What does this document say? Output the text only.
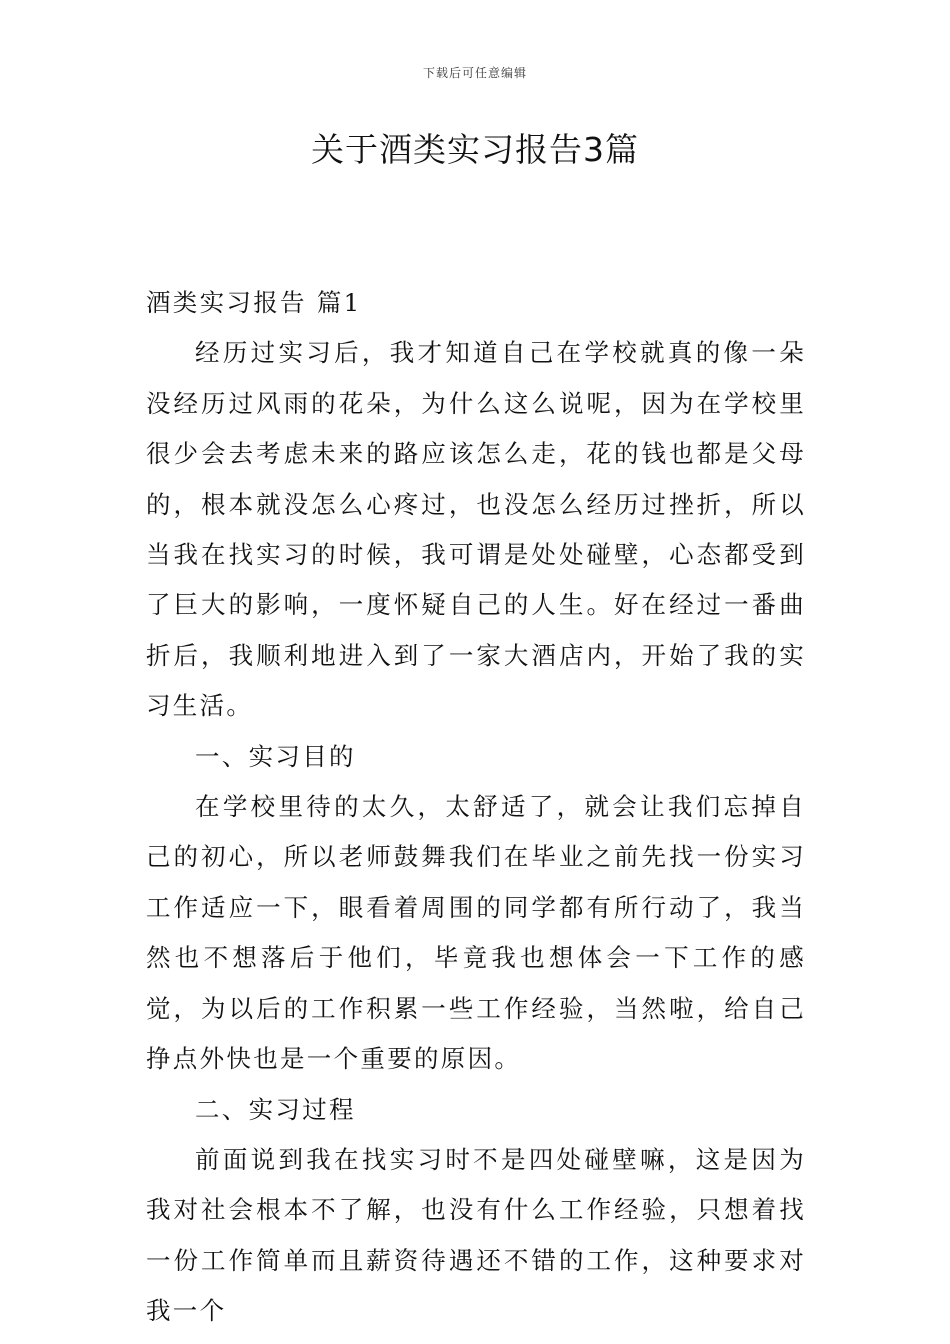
下载后可任意编辑
关于酒类实习报告3篇

酒类实习报告 篇1

经历过实习后，我才知道自己在学校就真的像一朵没经历过风雨的花朵，为什么这么说呢，因为在学校里很少会去考虑未来的路应该怎么走，花的钱也都是父母的，根本就没怎么心疼过，也没怎么经历过挫折，所以当我在找实习的时候，我可谓是处处碰壁，心态都受到了巨大的影响，一度怀疑自己的人生。好在经过一番曲折后，我顺利地进入到了一家大酒店内，开始了我的实习生活。

一、实习目的

在学校里待的太久，太舒适了，就会让我们忘掉自己的初心，所以老师鼓舞我们在毕业之前先找一份实习工作适应一下，眼看着周围的同学都有所行动了，我当然也不想落后于他们，毕竟我也想体会一下工作的感觉，为以后的工作积累一些工作经验，当然啦，给自己挣点外快也是一个重要的原因。

二、实习过程

前面说到我在找实习时不是四处碰壁嘛，这是因为我对社会根本不了解，也没有什么工作经验，只想着找一份工作简单而且薪资待遇还不错的工作，这种要求对我一个
